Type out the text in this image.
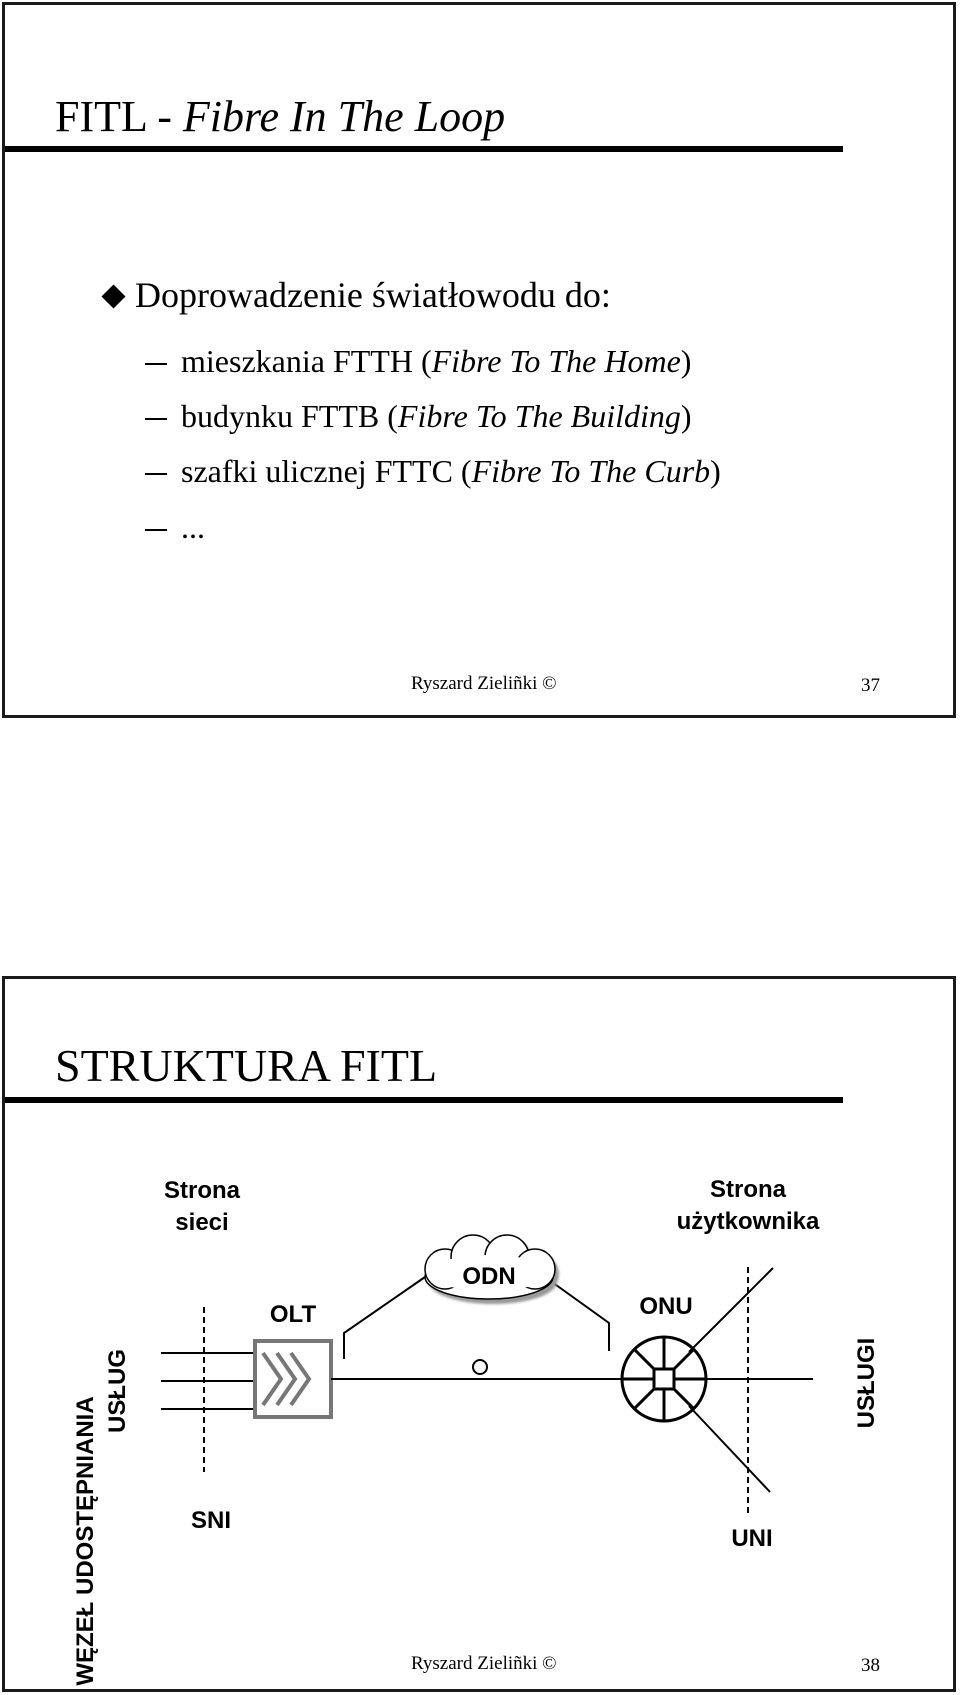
FITL - Fibre In The Loop
Doprowadzenie światłowodu do:
mieszkania FTTH (Fibre To The Home)
budynku FTTB (Fibre To The Building)
szafki ulicznej FTTC (Fibre To The Curb)
...
Ryszard Zieliñki ©	37
STRUKTURA FITL
WĘZEŁ UDOSTĘPNIANIA
USŁUG
Strona
sieci
Strona
użytkownika
OLT
ODN
ONU
USŁUGI
SNI
UNI
Ryszard Zieliñki ©	38
